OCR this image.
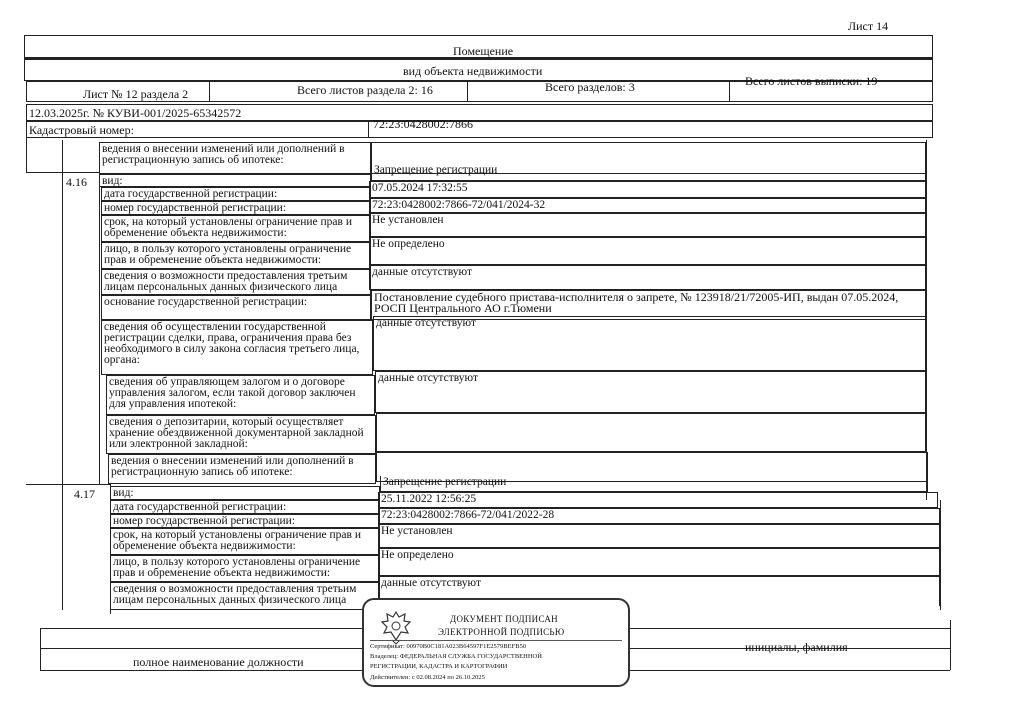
Лист 14
Помещение
вид объекта недвижимости
Лист № 12 раздела 2	Всего листов раздела 2: 16	Всего разделов: 3	Всего листов выписки: 19
12.03.2025г. № КУВИ-001/2025-65342572
Кадастровый номер:	72:23:0428002:7866
ведения о внесении изменений или дополнений в регистрационную запись об ипотеке:
4.16 вид:
Запрещение регистрации
дата государственной регистрации:	07.05.2024 17:32:55
номер государственной регистрации:	72:23:0428002:7866-72/041/2024-32
срок, на который установлены ограничение прав и обременение объекта недвижимости:
Не установлен
лицо, в пользу которого установлены ограничение прав и обременение объекта недвижимости:
Не определено
сведения о возможности предоставления третьим лицам персональных данных физического лица
данные отсутствуют
основание государственной регистрации:	Постановление судебного пристава-исполнителя о запрете, № 123918/21/72005-ИП, выдан 07.05.2024, РОСП Центрального АО г.Тюмени
сведения об осуществлении государственной регистрации сделки, права, ограничения права без необходимого в силу закона согласия третьего лица, органа:
данные отсутствуют
сведения об управляющем залогом и о договоре управления залогом, если такой договор заключен для управления ипотекой:
данные отсутствуют
сведения о депозитарии, который осуществляет хранение обездвиженной документарной закладной или электронной закладной:
ведения о внесении изменений или дополнений в регистрационную запись об ипотеке:
4.17 вид:
Запрещение регистрации
дата государственной регистрации:
25.11.2022 12:56:25
номер государственной регистрации:	72:23:0428002:7866-72/041/2022-28
срок, на который установлены ограничение прав и обременение объекта недвижимости:
Не установлен
лицо, в пользу которого установлены ограничение прав и обременение объекта недвижимости:
Не определено
сведения о возможности предоставления третьим лицам персональных данных физического лица
данные отсутствуют
полное наименование должности
инициалы, фамилия
ДОКУМЕНТ ПОДПИСАН
ЭЛЕКТРОННОЙ ПОДПИСЬЮ
Сертификат: 00970B0C181A023B64597F1E2579BEFB50
Владелец: ФЕДЕРАЛЬНАЯ СЛУЖБА ГОСУДАРСТВЕННОЙ
РЕГИСТРАЦИИ, КАДАСТРА И КАРТОГРАФИИ
Действителен: с 02.08.2024 по 26.10.2025
